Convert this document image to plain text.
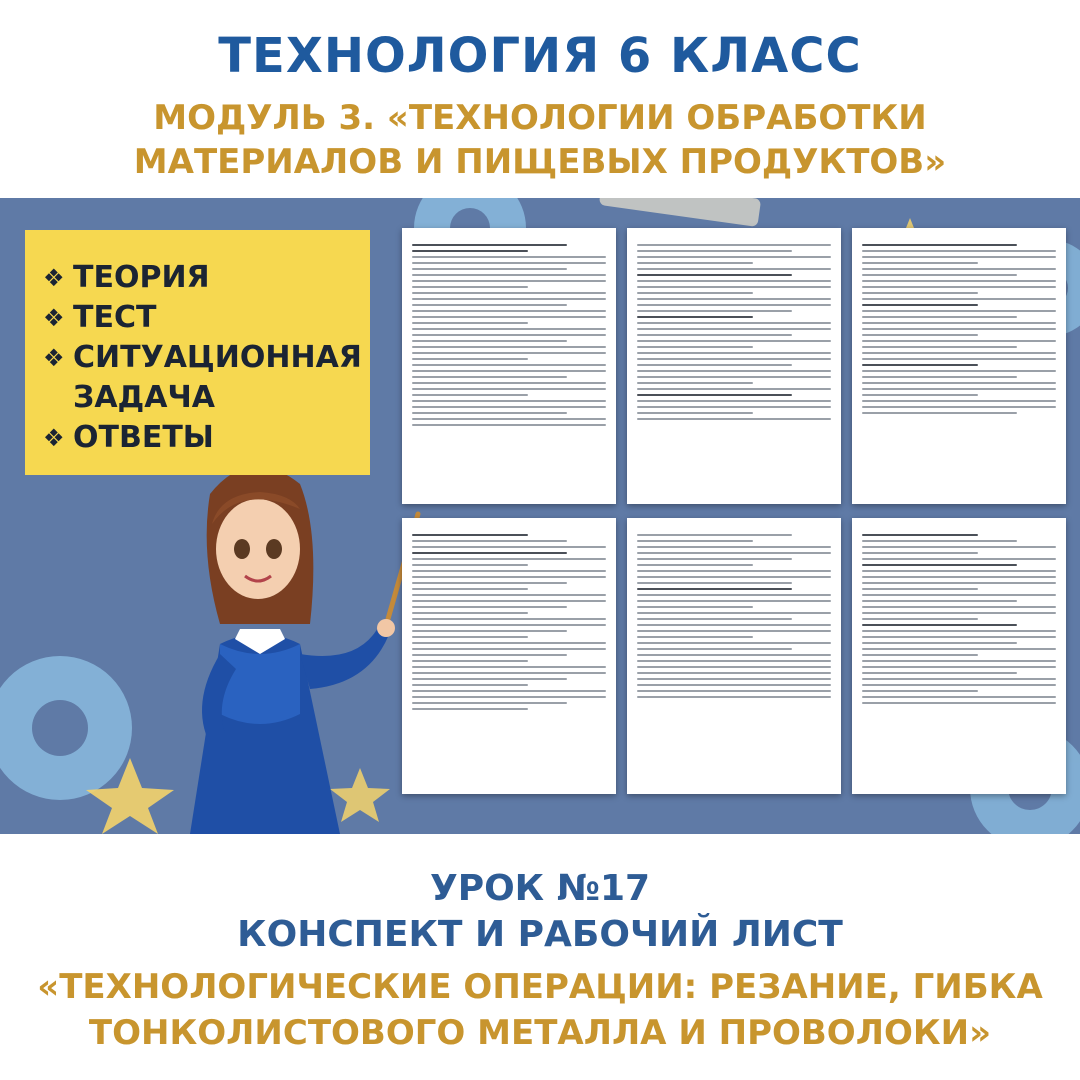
ТЕХНОЛОГИЯ 6 КЛАСС
МОДУЛЬ 3. «ТЕХНОЛОГИИ ОБРАБОТКИ
МАТЕРИАЛОВ И ПИЩЕВЫХ ПРОДУКТОВ»
❖ ТЕОРИЯ
❖ ТЕСТ
❖ СИТУАЦИОННАЯ ЗАДАЧА
❖ ОТВЕТЫ
УРОК №17
КОНСПЕКТ И РАБОЧИЙ ЛИСТ
«ТЕХНОЛОГИЧЕСКИЕ ОПЕРАЦИИ: РЕЗАНИЕ, ГИБКА
ТОНКОЛИСТОВОГО МЕТАЛЛА И ПРОВОЛОКИ»
